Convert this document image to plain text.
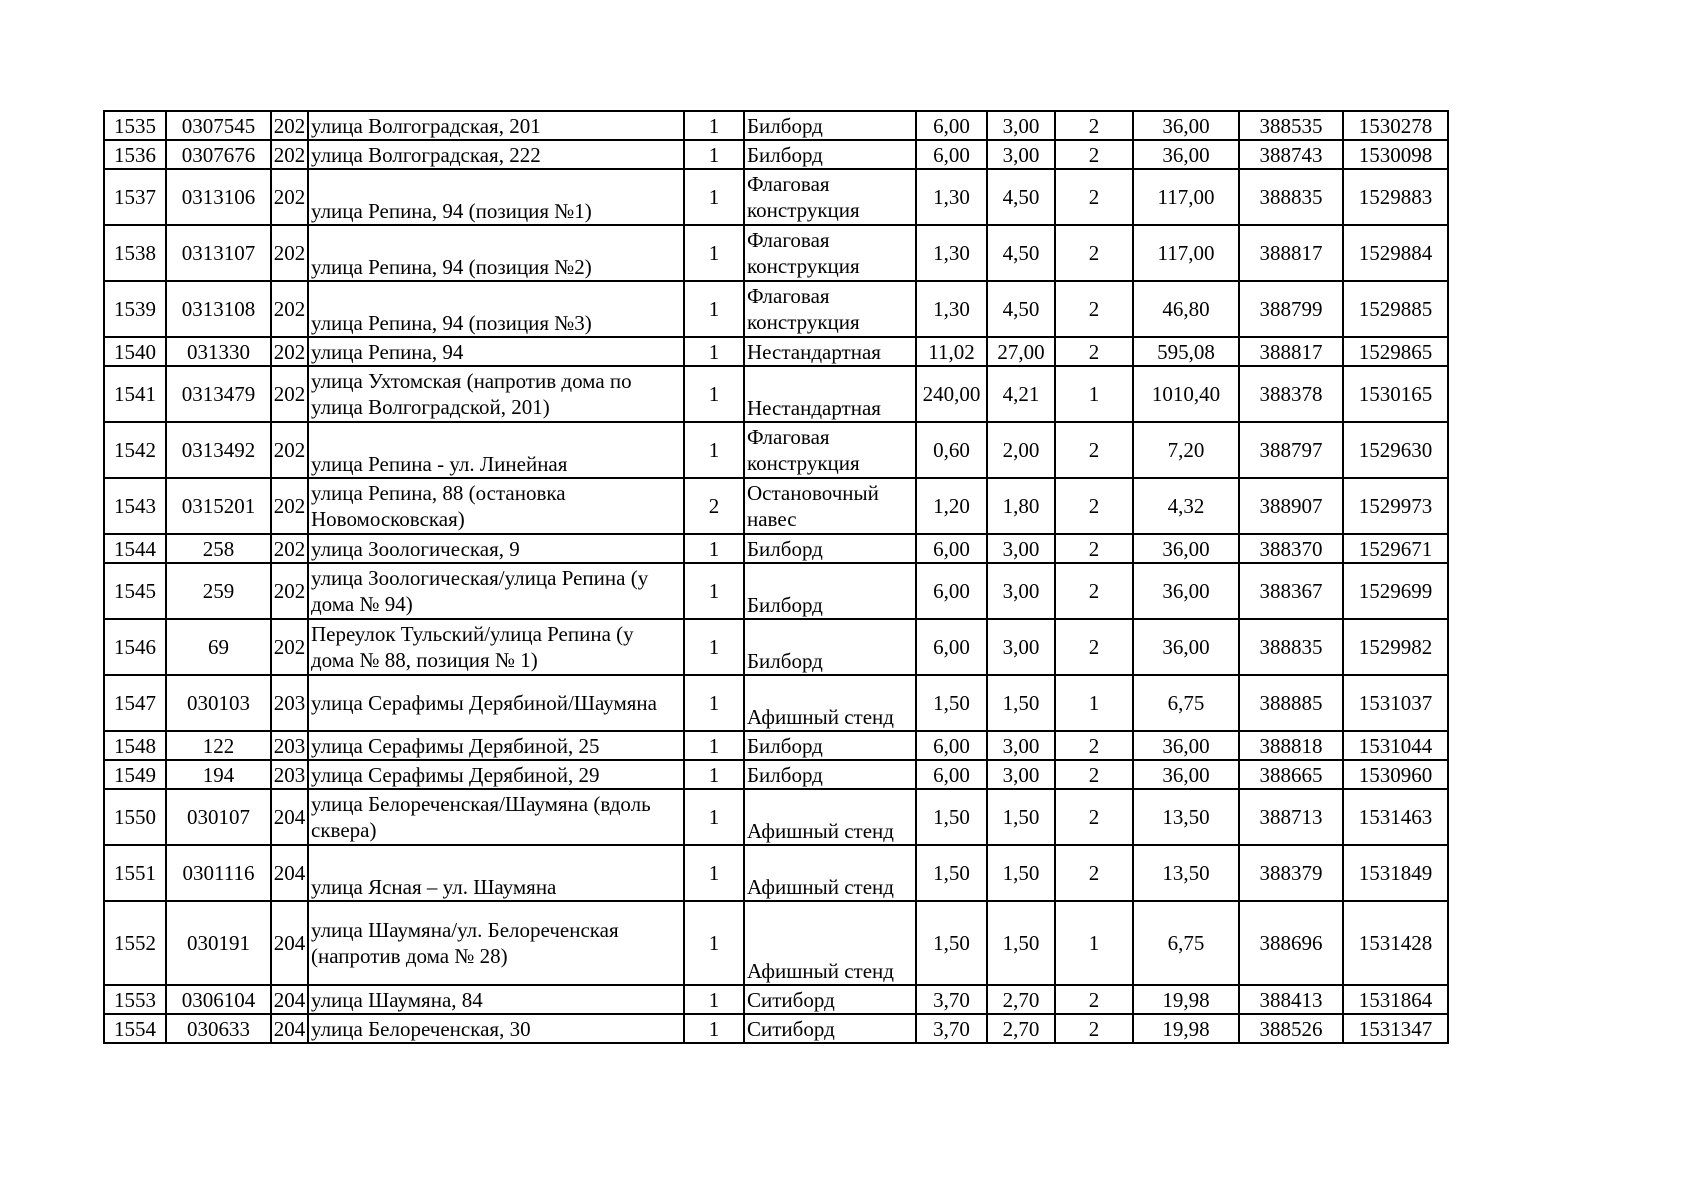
1535	0307545	202	улица Волгоградская, 201	1	Билборд	6,00	3,00	2	36,00	388535	1530278
1536	0307676	202	улица Волгоградская, 222	1	Билборд	6,00	3,00	2	36,00	388743	1530098
1537	0313106	202	улица Репина, 94 (позиция №1)	1	Флаговая конструкция	1,30	4,50	2	117,00	388835	1529883
1538	0313107	202	улица Репина, 94 (позиция №2)	1	Флаговая конструкция	1,30	4,50	2	117,00	388817	1529884
1539	0313108	202	улица Репина, 94 (позиция №3)	1	Флаговая конструкция	1,30	4,50	2	46,80	388799	1529885
1540	031330	202	улица Репина, 94	1	Нестандартная	11,02	27,00	2	595,08	388817	1529865
1541	0313479	202	улица Ухтомская (напротив дома по улица Волгоградской, 201)	1	Нестандартная	240,00	4,21	1	1010,40	388378	1530165
1542	0313492	202	улица Репина - ул. Линейная	1	Флаговая конструкция	0,60	2,00	2	7,20	388797	1529630
1543	0315201	202	улица Репина, 88 (остановка Новомосковская)	2	Остановочный навес	1,20	1,80	2	4,32	388907	1529973
1544	258	202	улица Зоологическая, 9	1	Билборд	6,00	3,00	2	36,00	388370	1529671
1545	259	202	улица Зоологическая/улица Репина (у дома № 94)	1	Билборд	6,00	3,00	2	36,00	388367	1529699
1546	69	202	Переулок Тульский/улица Репина (у дома № 88, позиция № 1)	1	Билборд	6,00	3,00	2	36,00	388835	1529982
1547	030103	203	улица Серафимы Дерябиной/Шаумяна	1	Афишный стенд	1,50	1,50	1	6,75	388885	1531037
1548	122	203	улица Серафимы Дерябиной, 25	1	Билборд	6,00	3,00	2	36,00	388818	1531044
1549	194	203	улица Серафимы Дерябиной, 29	1	Билборд	6,00	3,00	2	36,00	388665	1530960
1550	030107	204	улица Белореченская/Шаумяна (вдоль сквера)	1	Афишный стенд	1,50	1,50	2	13,50	388713	1531463
1551	0301116	204	улица Ясная – ул. Шаумяна	1	Афишный стенд	1,50	1,50	2	13,50	388379	1531849
1552	030191	204	улица Шаумяна/ул. Белореченская (напротив дома № 28)	1	Афишный стенд	1,50	1,50	1	6,75	388696	1531428
1553	0306104	204	улица Шаумяна, 84	1	Ситиборд	3,70	2,70	2	19,98	388413	1531864
1554	030633	204	улица Белореченская, 30	1	Ситиборд	3,70	2,70	2	19,98	388526	1531347
